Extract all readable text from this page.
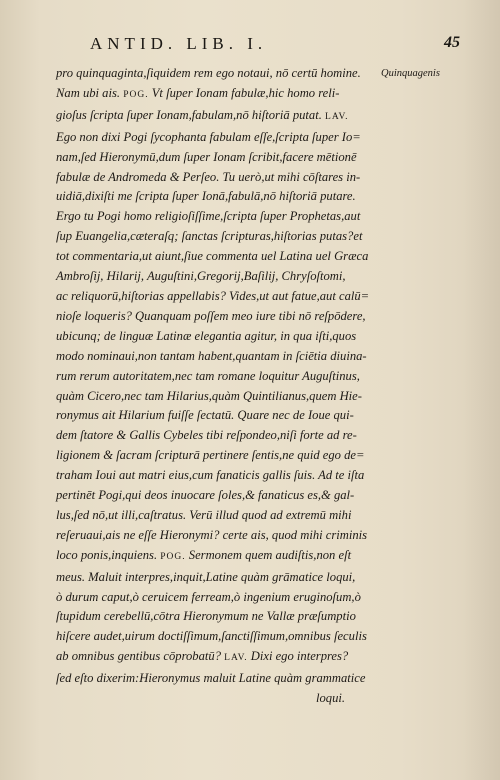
ANTID. LIB. I.	45
Quinquagenis
pro quinquaginta,ſiquidem rem ego notaui, nō certū homine.
Nam ubi ais. POG. Vt ſuper Ionam fabulæ,hic homo reli-
gioſus ſcripta ſuper Ionam,fabulam,nō hiſtoriā putat. LAV.
Ego non dixi Pogi ſycophanta fabulam eſſe,ſcripta ſuper Io=
nam,ſed Hieronymū,dum ſuper Ionam ſcribit,facere mētionē
fabulæ de Andromeda & Perſeo. Tu uerò,ut mihi cōſtares in-
uidiā,dixiſti me ſcripta ſuper Ionā,fabulā,nō hiſtoriā putare.
Ergo tu Pogi homo religioſiſſime,ſcripta ſuper Prophetas,aut
ſup Euangelia,cæteraſq; ſanctas ſcripturas,hiſtorias putas?et
tot commentaria,ut aiunt,ſiue commenta uel Latina uel Græca
Ambroſij, Hilarij, Auguſtini,Gregorij,Baſilij, Chryſoſtomi,
ac reliquorū,hiſtorias appellabis? Vides,ut aut fatue,aut calū=
nioſe loqueris? Quanquam poſſem meo iure tibi nō reſpōdere,
ubicunq; de linguæ Latinæ elegantia agitur, in qua iſti,quos
modo nominaui,non tantam habent,quantam in ſciētia diuina-
rum rerum autoritatem,nec tam romane loquitur Auguſtinus,
quàm Cicero,nec tam Hilarius,quàm Quintilianus,quem Hie-
ronymus ait Hilarium fuiſſe ſectatū. Quare nec de Ioue qui-
dem ſtatore & Gallis Cybeles tibi reſpondeo,niſi forte ad re-
ligionem & ſacram ſcripturā pertinere ſentis,ne quid ego de=
traham Ioui aut matri eius,cum fanaticis gallis ſuis. Ad te iſta
pertinēt Pogi,qui deos inuocare ſoles,& fanaticus es,& gal-
lus,ſed nō,ut illi,caſtratus. Verū illud quod ad extremū mihi
reſeruaui,ais ne eſſe Hieronymi? certe ais, quod mihi criminis
loco ponis,inquiens. POG. Sermonem quem audiſtis,non eſt
meus. Maluit interpres,inquit,Latine quàm grāmatice loqui,
ò durum caput,ò ceruicem ferream,ò ingenium eruginoſum,ò
ſtupidum cerebellū,cōtra Hieronymum ne Vallæ præſumptio
hiſcere audet,uirum doctiſſimum,ſanctiſſimum,omnibus ſeculis
ab omnibus gentibus cōprobatū? LAV. Dixi ego interpres?
ſed eſto dixerim:Hieronymus maluit Latine quàm grammatice
loqui.
